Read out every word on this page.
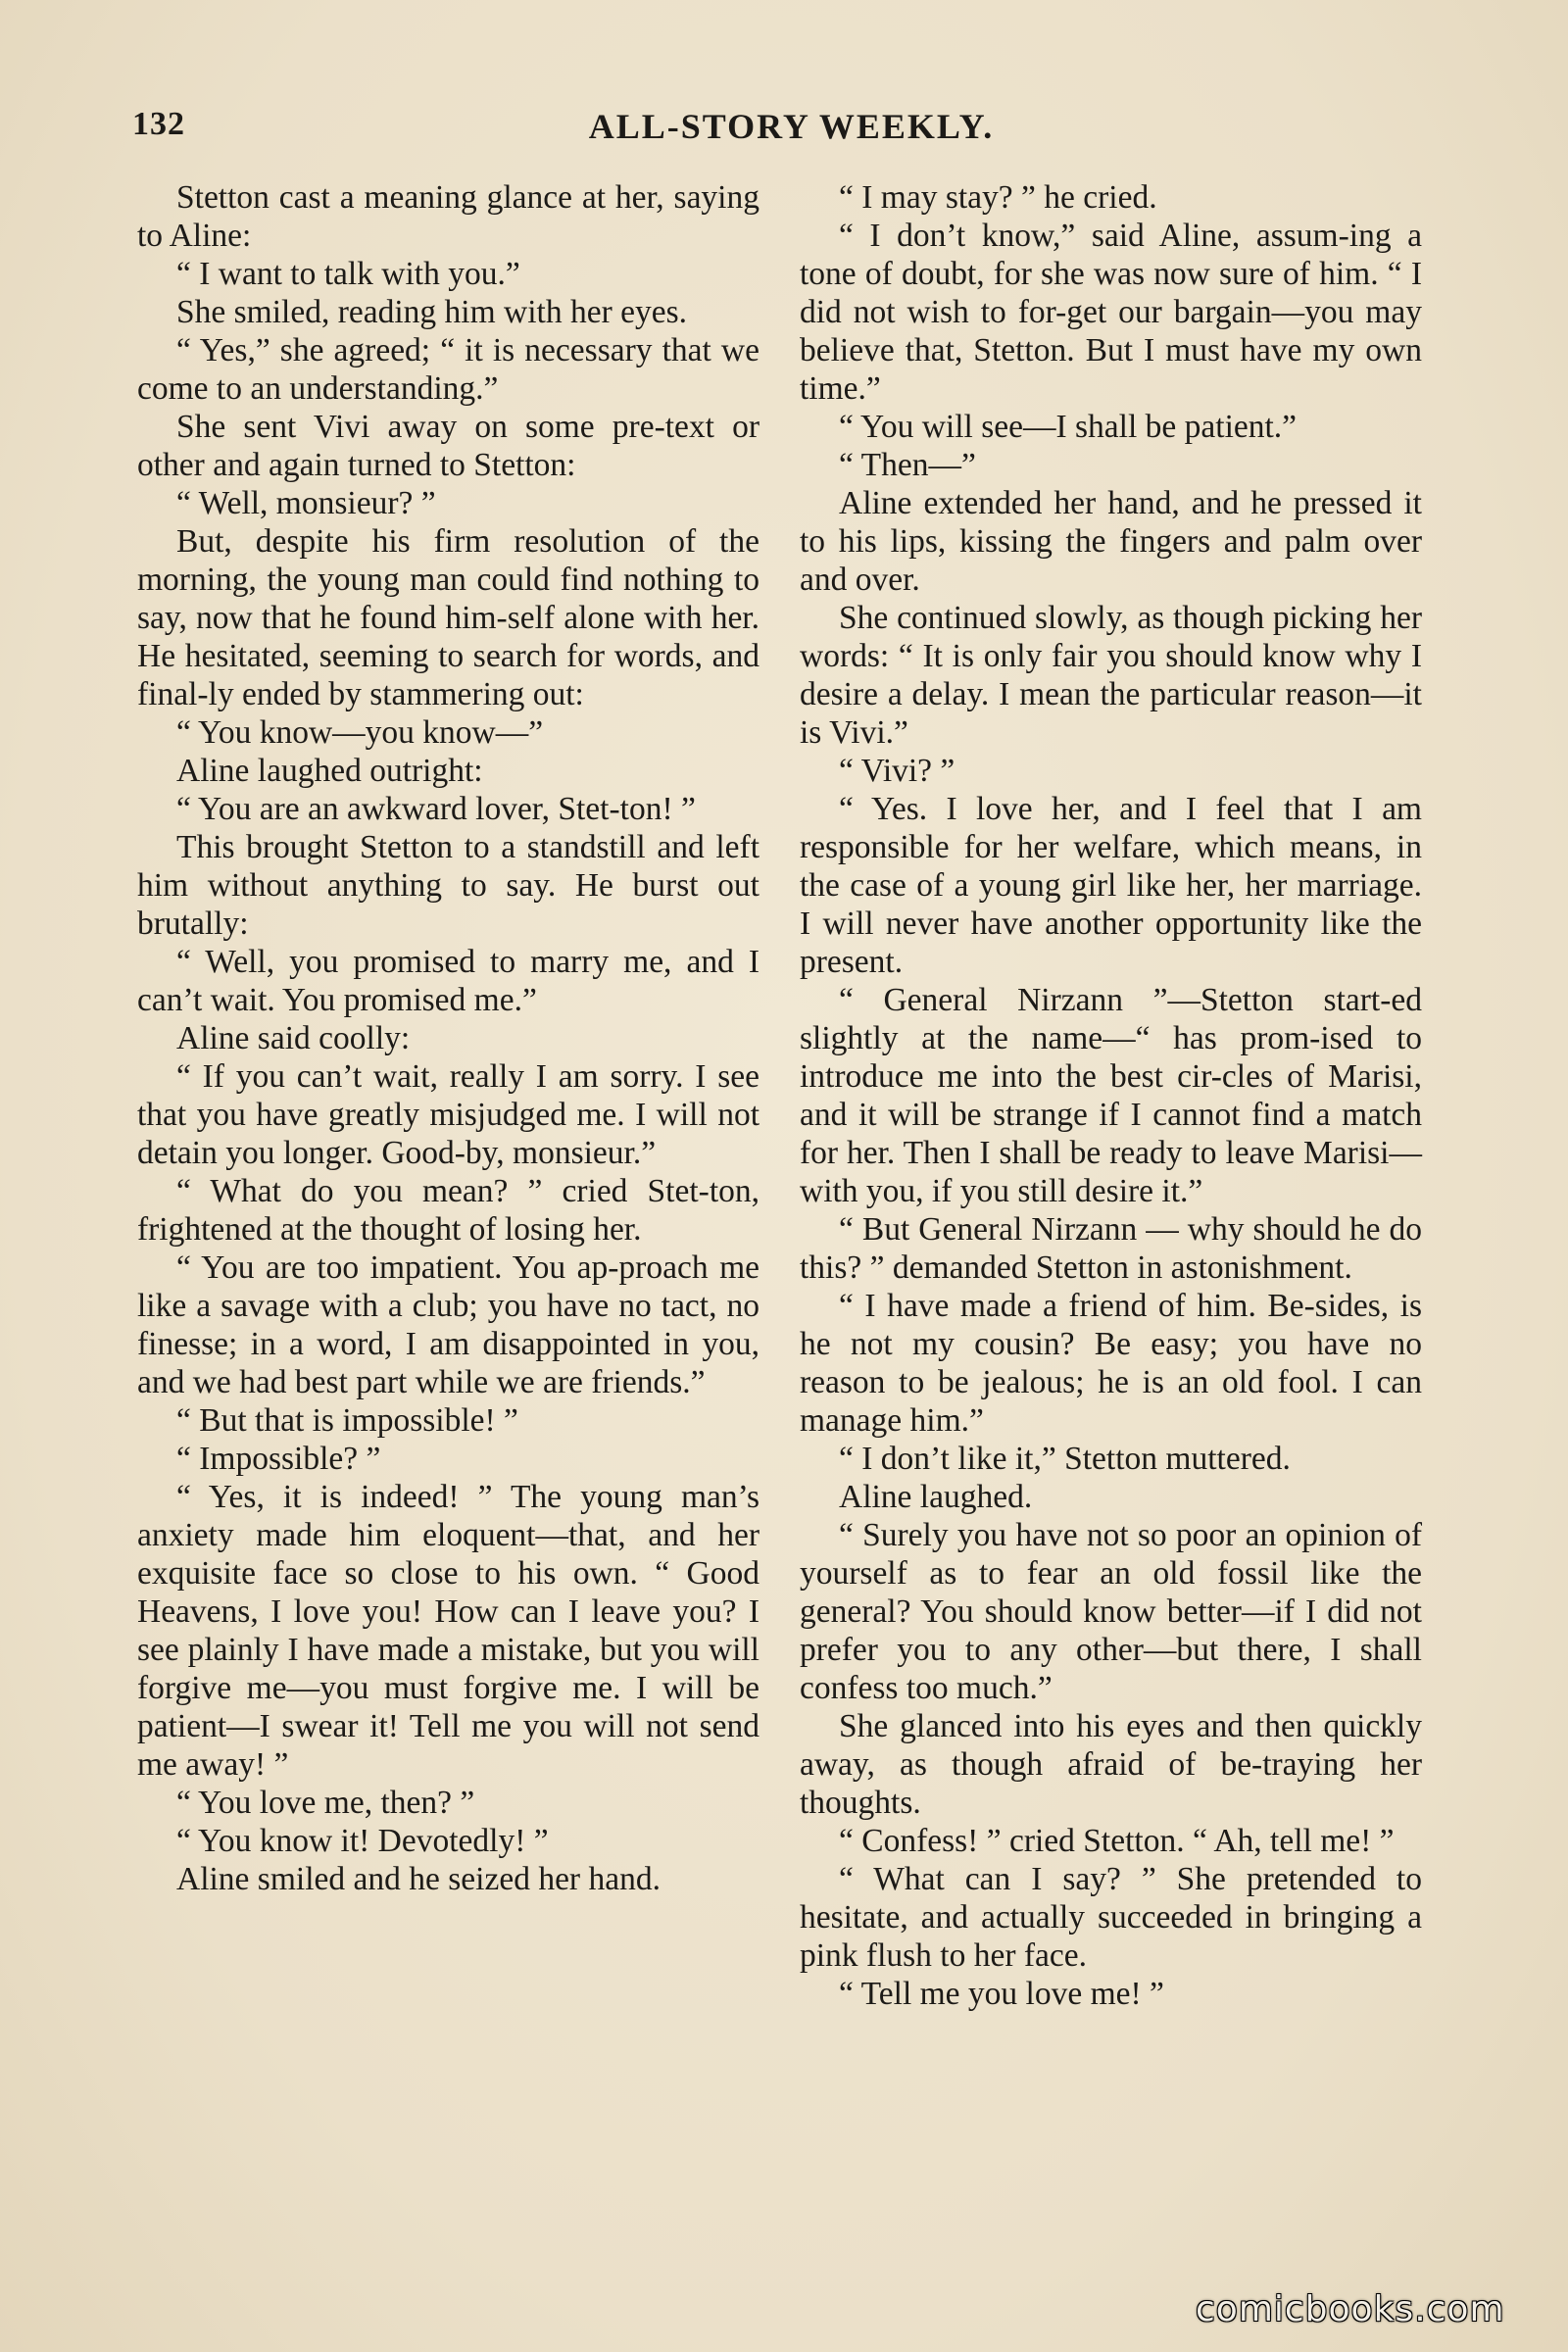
132	ALL-STORY WEEKLY.

Stetton cast a meaning glance at her, saying to Aline:

“ I want to talk with you.”

She smiled, reading him with her eyes.

“ Yes,” she agreed; “ it is necessary that we come to an understanding.”

She sent Vivi away on some pre-text or other and again turned to Stetton:

“ Well, monsieur? ”

But, despite his firm resolution of the morning, the young man could find nothing to say, now that he found him-self alone with her. He hesitated, seeming to search for words, and final-ly ended by stammering out:

“ You know—you know—”

Aline laughed outright:

“ You are an awkward lover, Stet-ton! ”

This brought Stetton to a standstill and left him without anything to say. He burst out brutally:

“ Well, you promised to marry me, and I can’t wait. You promised me.”

Aline said coolly:

“ If you can’t wait, really I am sorry. I see that you have greatly misjudged me. I will not detain you longer. Good-by, monsieur.”

“ What do you mean? ” cried Stet-ton, frightened at the thought of losing her.

“ You are too impatient. You ap-proach me like a savage with a club; you have no tact, no finesse; in a word, I am disappointed in you, and we had best part while we are friends.”

“ But that is impossible! ”

“ Impossible? ”

“ Yes, it is indeed! ” The young man’s anxiety made him eloquent—that, and her exquisite face so close to his own. “ Good Heavens, I love you! How can I leave you? I see plainly I have made a mistake, but you will forgive me—you must forgive me. I will be patient—I swear it! Tell me you will not send me away! ”

“ You love me, then? ”

“ You know it! Devotedly! ”

Aline smiled and he seized her hand.

“ I may stay? ” he cried.

“ I don’t know,” said Aline, assum-ing a tone of doubt, for she was now sure of him. “ I did not wish to for-get our bargain—you may believe that, Stetton. But I must have my own time.”

“ You will see—I shall be patient.”

“ Then—”

Aline extended her hand, and he pressed it to his lips, kissing the fingers and palm over and over.

She continued slowly, as though picking her words: “ It is only fair you should know why I desire a delay. I mean the particular reason—it is Vivi.”

“ Vivi? ”

“ Yes. I love her, and I feel that I am responsible for her welfare, which means, in the case of a young girl like her, her marriage. I will never have another opportunity like the present.

“ General Nirzann ”—Stetton start-ed slightly at the name—“ has prom-ised to introduce me into the best cir-cles of Marisi, and it will be strange if I cannot find a match for her. Then I shall be ready to leave Marisi—with you, if you still desire it.”

“ But General Nirzann — why should he do this? ” demanded Stetton in astonishment.

“ I have made a friend of him. Be-sides, is he not my cousin? Be easy; you have no reason to be jealous; he is an old fool. I can manage him.”

“ I don’t like it,” Stetton muttered.

Aline laughed.

“ Surely you have not so poor an opinion of yourself as to fear an old fossil like the general? You should know better—if I did not prefer you to any other—but there, I shall confess too much.”

She glanced into his eyes and then quickly away, as though afraid of be-traying her thoughts.

“ Confess! ” cried Stetton. “ Ah, tell me! ”

“ What can I say? ” She pretended to hesitate, and actually succeeded in bringing a pink flush to her face.

“ Tell me you love me! ”

comicbooks.com
